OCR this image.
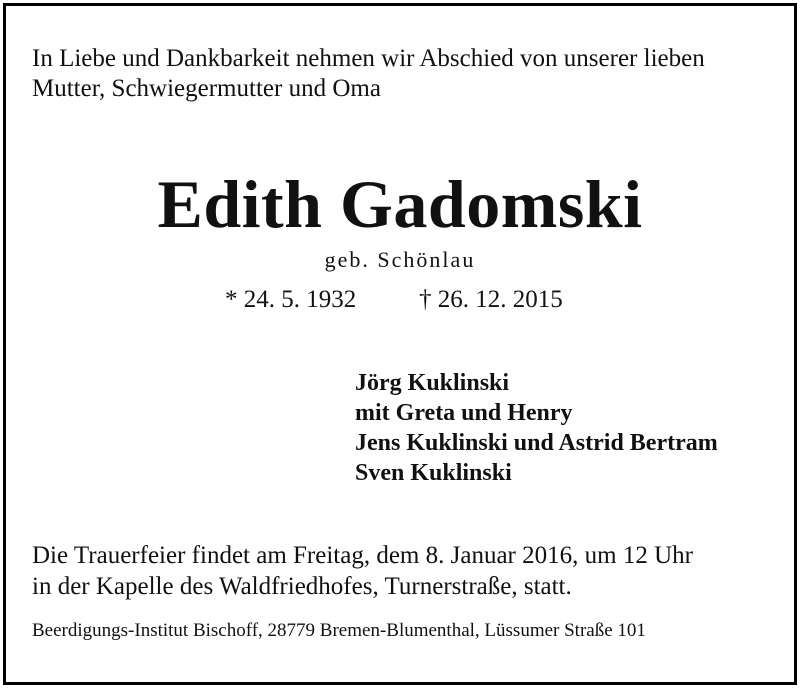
In Liebe und Dankbarkeit nehmen wir Abschied von unserer lieben
Mutter, Schwiegermutter und Oma
Edith Gadomski
geb. Schönlau
* 24. 5. 1932	† 26. 12. 2015
Jörg Kuklinski
mit Greta und Henry
Jens Kuklinski und Astrid Bertram
Sven Kuklinski
Die Trauerfeier findet am Freitag, dem 8. Januar 2016, um 12 Uhr
in der Kapelle des Waldfriedhofes, Turnerstraße, statt.
Beerdigungs-Institut Bischoff, 28779 Bremen-Blumenthal, Lüssumer Straße 101
